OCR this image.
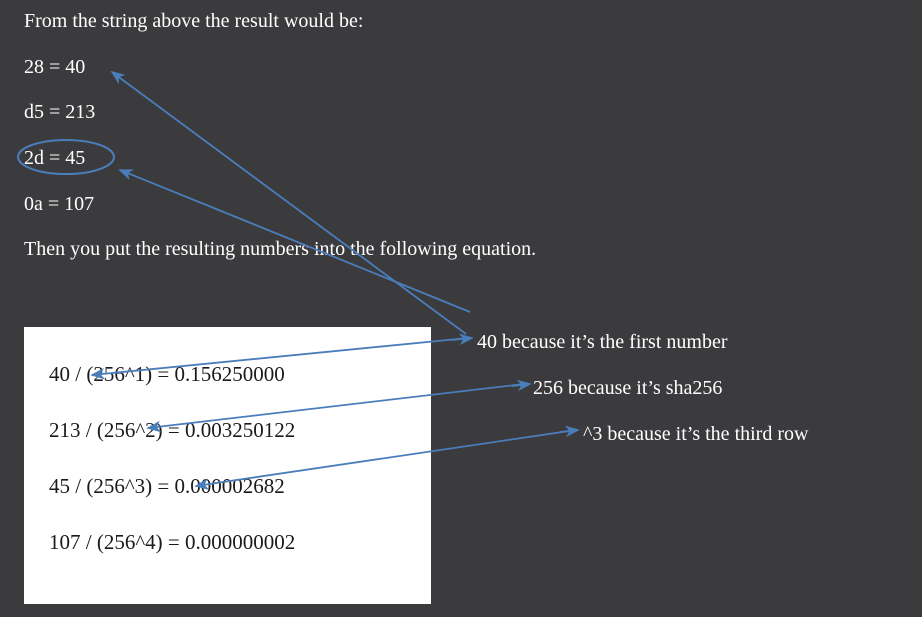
From the string above the result would be:
28 = 40
d5 = 213
2d = 45
0a = 107
Then you put the resulting numbers into the following equation.
40 / (256^1) = 0.156250000
213 / (256^2) = 0.003250122
45 / (256^3) = 0.000002682
107 / (256^4) = 0.000000002
40 because it’s the first number
256 because it’s sha256
^3 because it’s the third row
